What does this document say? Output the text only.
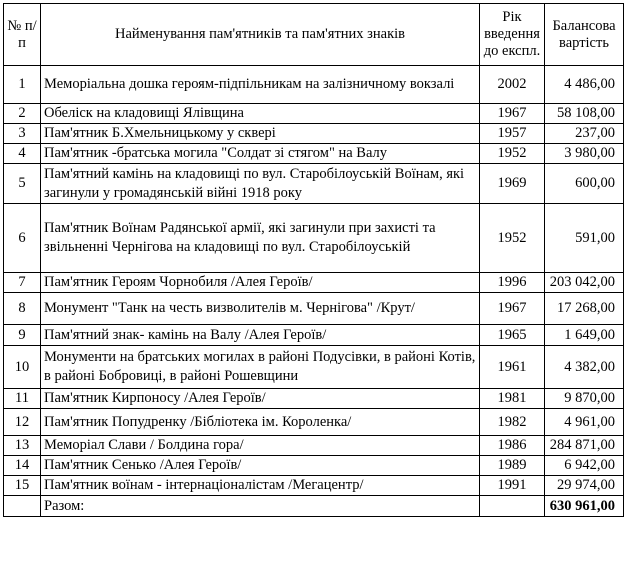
№ п/п	Найменування пам'ятників та пам'ятних знаків	Рік введення до експл.	Балансова вартість
1	Меморіальна дошка героям-підпільникам на залізничному вокзалі	2002	4 486,00
2	Обеліск на кладовищі Ялівщина	1967	58 108,00
3	Пам'ятник Б.Хмельницькому у сквері	1957	237,00
4	Пам'ятник -братська могила "Солдат зі стягом" на Валу	1952	3 980,00
5	Пам'ятний камінь на кладовищі по вул. Старобілоуській Воїнам, які загинули у громадянській війні 1918 року	1969	600,00
6	Пам'ятник Воїнам Радянської армії, які загинули при захисті та звільненні Чернігова на кладовищі по вул. Старобілоуській	1952	591,00
7	Пам'ятник Героям Чорнобиля /Алея Героїв/	1996	203 042,00
8	Монумент "Танк на честь визволителів м. Чернігова" /Крут/	1967	17 268,00
9	Пам'ятний знак- камінь на Валу /Алея Героїв/	1965	1 649,00
10	Монументи на братських могилах в районі Подусівки, в районі Котів, в районі Бобровиці, в районі Рошевщини	1961	4 382,00
11	Пам'ятник Кирпоносу /Алея Героїв/	1981	9 870,00
12	Пам'ятник Попудренку /Бібліотека ім. Короленка/	1982	4 961,00
13	Меморіал Слави / Болдина гора/	1986	284 871,00
14	Пам'ятник Сенько /Алея Героїв/	1989	6 942,00
15	Пам'ятник воїнам - інтернаціоналістам /Мегацентр/	1991	29 974,00
	Разом:		630 961,00
